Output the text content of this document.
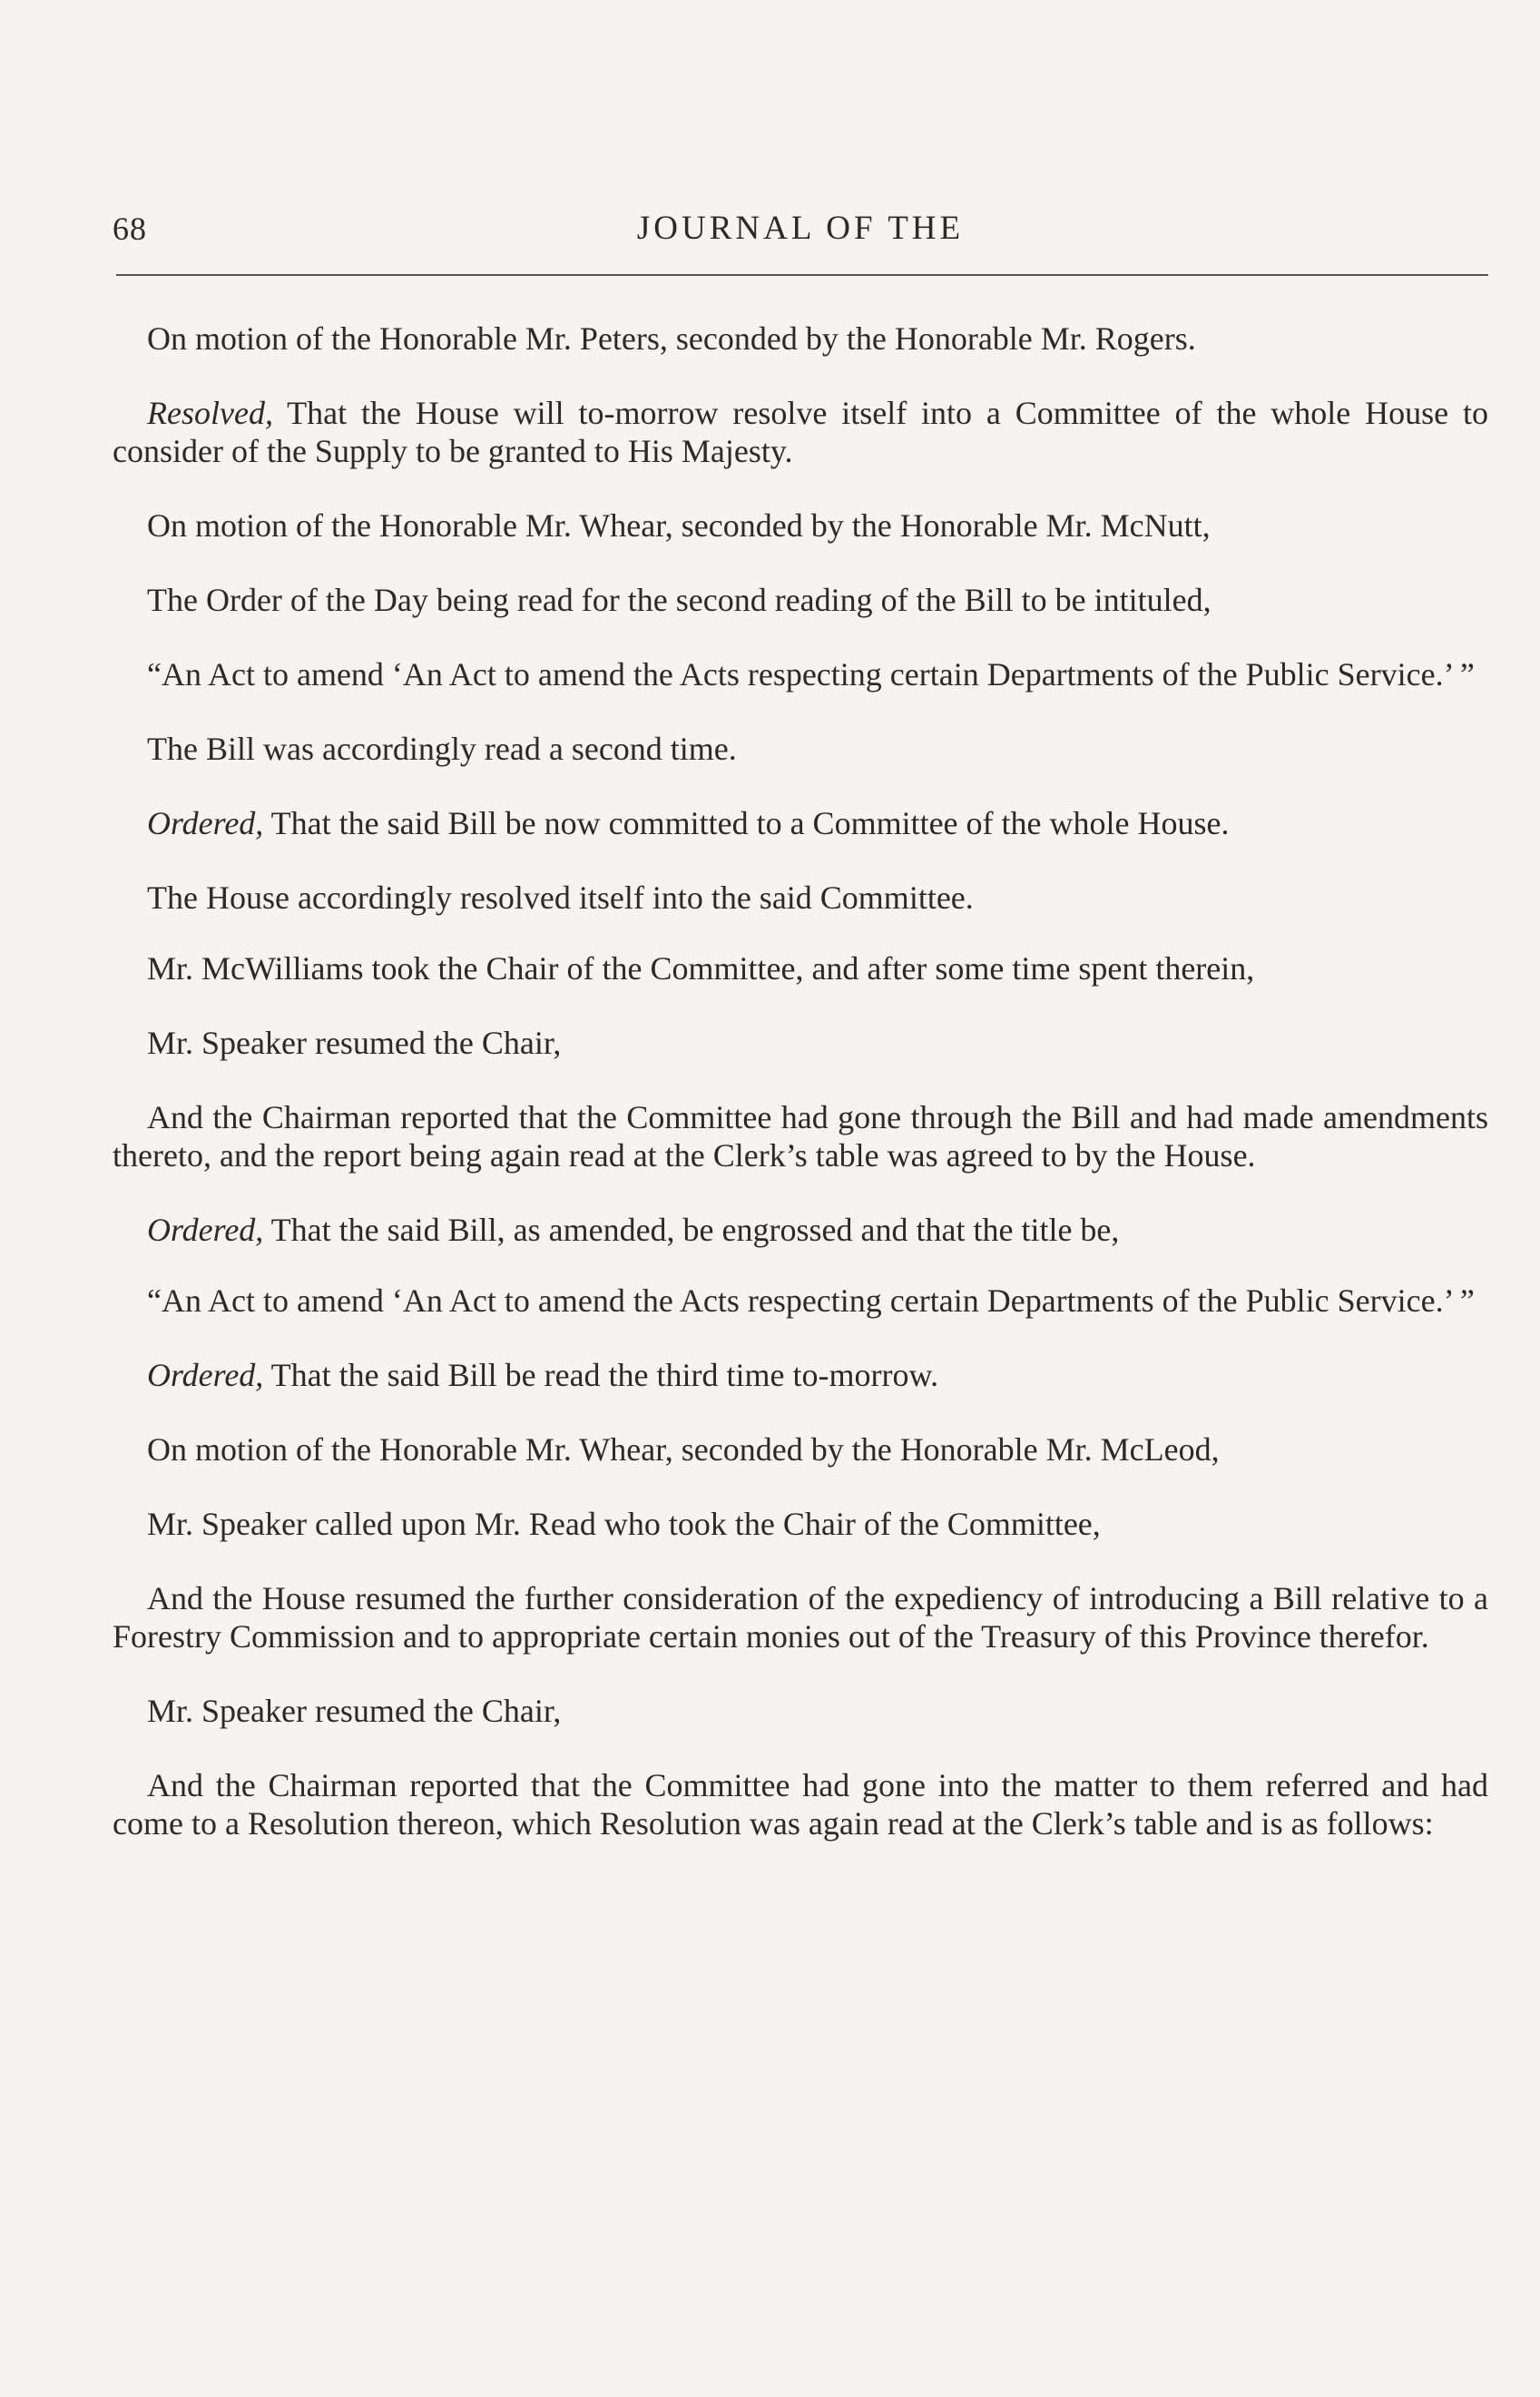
68	JOURNAL OF THE

On motion of the Honorable Mr. Peters, seconded by the Honorable Mr. Rogers.

Resolved, That the House will to-morrow resolve itself into a Committee of the whole House to consider of the Supply to be granted to His Majesty.

On motion of the Honorable Mr. Whear, seconded by the Honorable Mr. McNutt,

The Order of the Day being read for the second reading of the Bill to be intituled,

“An Act to amend ‘An Act to amend the Acts respecting certain Departments of the Public Service.’ ”

The Bill was accordingly read a second time.

Ordered, That the said Bill be now committed to a Committee of the whole House.

The House accordingly resolved itself into the said Committee.

Mr. McWilliams took the Chair of the Committee, and after some time spent therein,

Mr. Speaker resumed the Chair,

And the Chairman reported that the Committee had gone through the Bill and had made amendments thereto, and the report being again read at the Clerk’s table was agreed to by the House.

Ordered, That the said Bill, as amended, be engrossed and that the title be,

“An Act to amend ‘An Act to amend the Acts respecting certain Departments of the Public Service.’ ”

Ordered, That the said Bill be read the third time to-morrow.

On motion of the Honorable Mr. Whear, seconded by the Honorable Mr. McLeod,

Mr. Speaker called upon Mr. Read who took the Chair of the Committee,

And the House resumed the further consideration of the expediency of introducing a Bill relative to a Forestry Commission and to appropriate certain monies out of the Treasury of this Province therefor.

Mr. Speaker resumed the Chair,

And the Chairman reported that the Committee had gone into the matter to them referred and had come to a Resolution thereon, which Resolution was again read at the Clerk’s table and is as follows:
